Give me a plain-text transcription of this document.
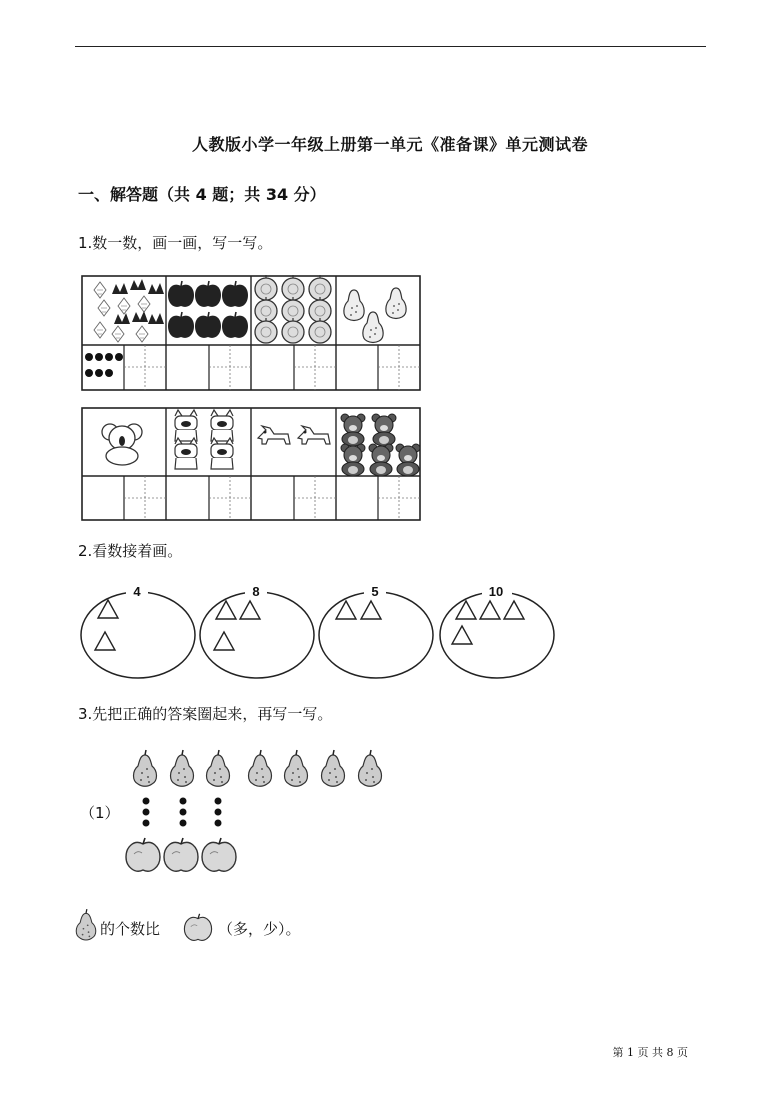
人教版小学一年级上册第一单元《准备课》单元测试卷
一、解答题（共 4 题；共 34 分）
1.数一数，画一画，写一写。
2.看数接着画。
3.先把正确的答案圈起来，再写一写。
4	8	5	10
（1）
的个数比	（多，少）。
第 1 页 共 8 页
